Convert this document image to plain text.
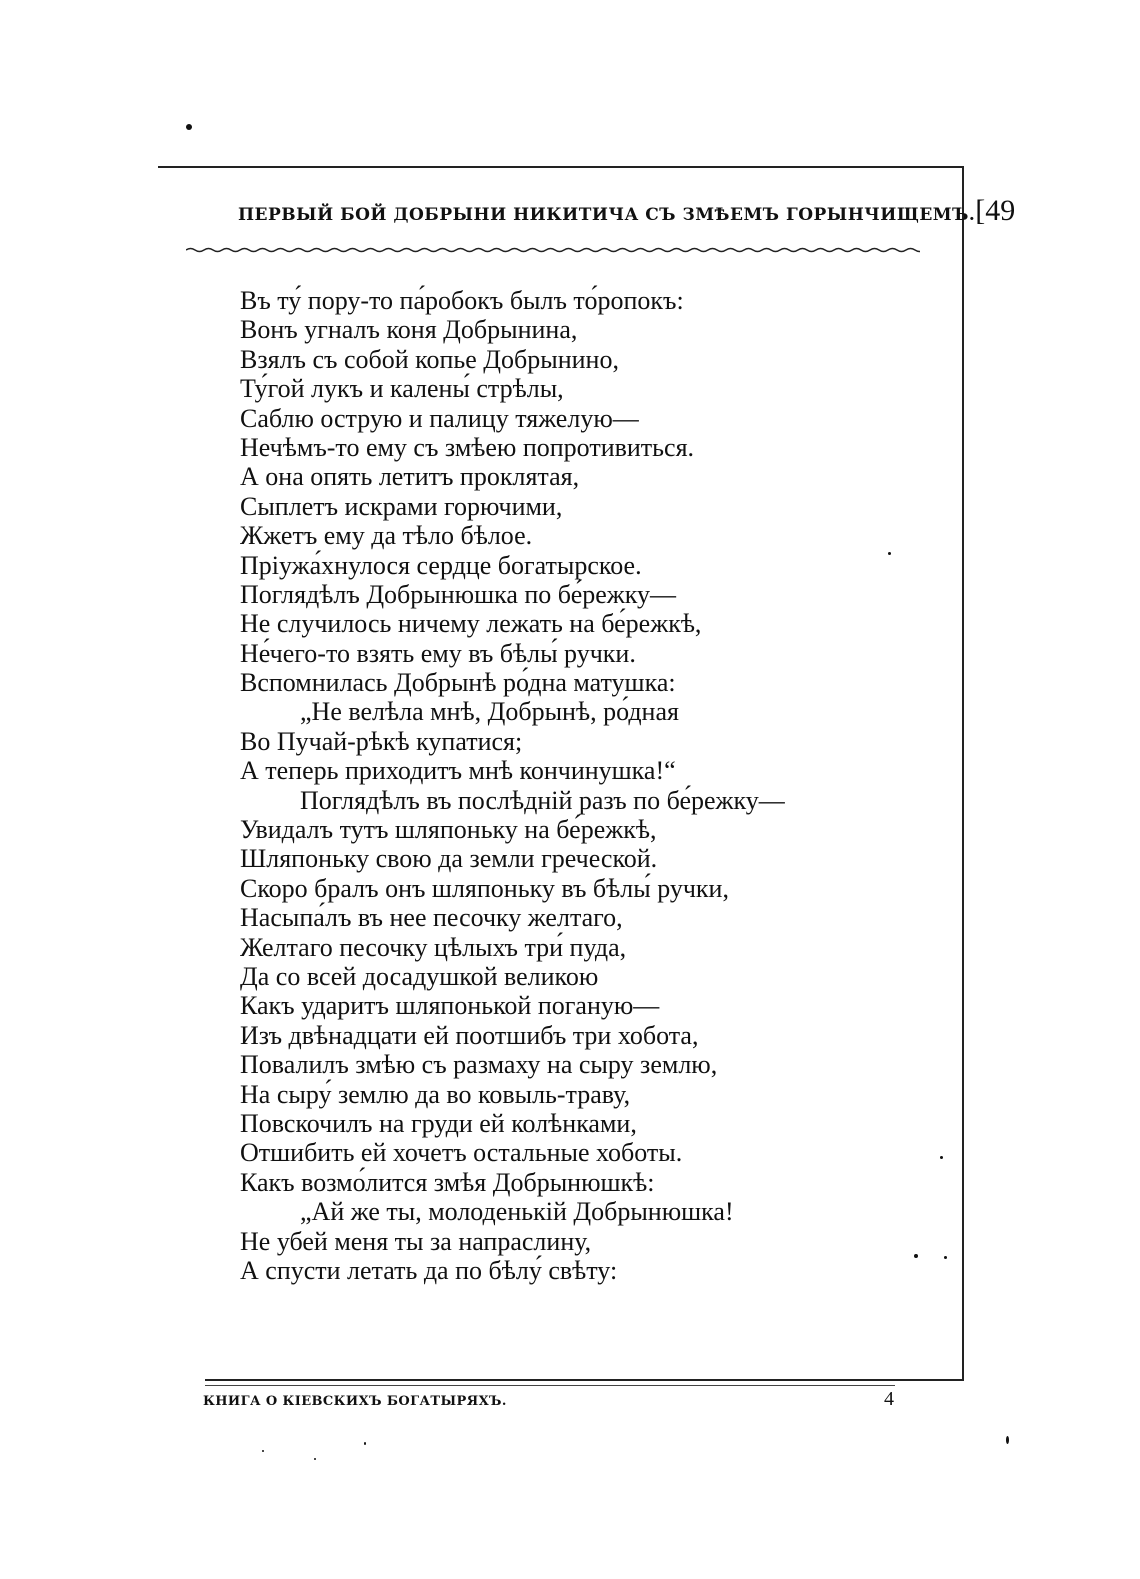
ПЕРВЫЙ БОЙ ДОБРЫНИ НИКИТИЧА СЪ ЗМѢЕМЪ ГОРЫНЧИЩЕМЪ. [49
Въ ту́ пору-то па́робокъ былъ то́ропокъ:
Вонъ угналъ коня Добрынина,
Взялъ съ собой копье Добрынино,
Ту́гой лукъ и калены́ стрѣлы,
Саблю острую и палицу тяжелую—
Нечѣмъ-то ему съ змѣею попротивиться.
А она опять летитъ проклятая,
Сыплетъ искрами горючими,
Жжетъ ему да тѣло бѣлое.
Пріужа́хнулося сердце богатырское.
Поглядѣлъ Добрынюшка по бе́режку—
Не случилось ничему лежать на бе́режкѣ,
Не́чего-то взять ему въ бѣлы́ ручки.
Вспомнилась Добрынѣ ро́дна матушка:
„Не велѣла мнѣ, Добрынѣ, ро́дная
Во Пучай-рѣкѣ купатися;
А теперь приходитъ мнѣ кончинушка!“
Поглядѣлъ въ послѣдній разъ по бе́режку—
Увидалъ тутъ шляпоньку на бе́режкѣ,
Шляпоньку свою да земли греческой.
Скоро бралъ онъ шляпоньку въ бѣлы́ ручки,
Насыпа́лъ въ нее песочку желтаго,
Желтаго песочку цѣлыхъ три́ пуда,
Да со всей досадушкой великою
Какъ ударитъ шляпонькой поганую—
Изъ двѣнадцати ей поотшибъ три хобота,
Повалилъ змѣю съ размаху на сыру землю,
На сыру́ землю да во ковыль-траву,
Повскочилъ на груди ей колѣнками,
Отшибить ей хочетъ остальные хоботы.
Какъ возмо́лится змѣя Добрынюшкѣ:
„Ай же ты, молоденькій Добрынюшка!
Не убей меня ты за напраслину,
А спусти летать да по бѣлу́ свѣту:
КНИГА О КІЕВСКИХЪ БОГАТЫРЯХЪ.	4
